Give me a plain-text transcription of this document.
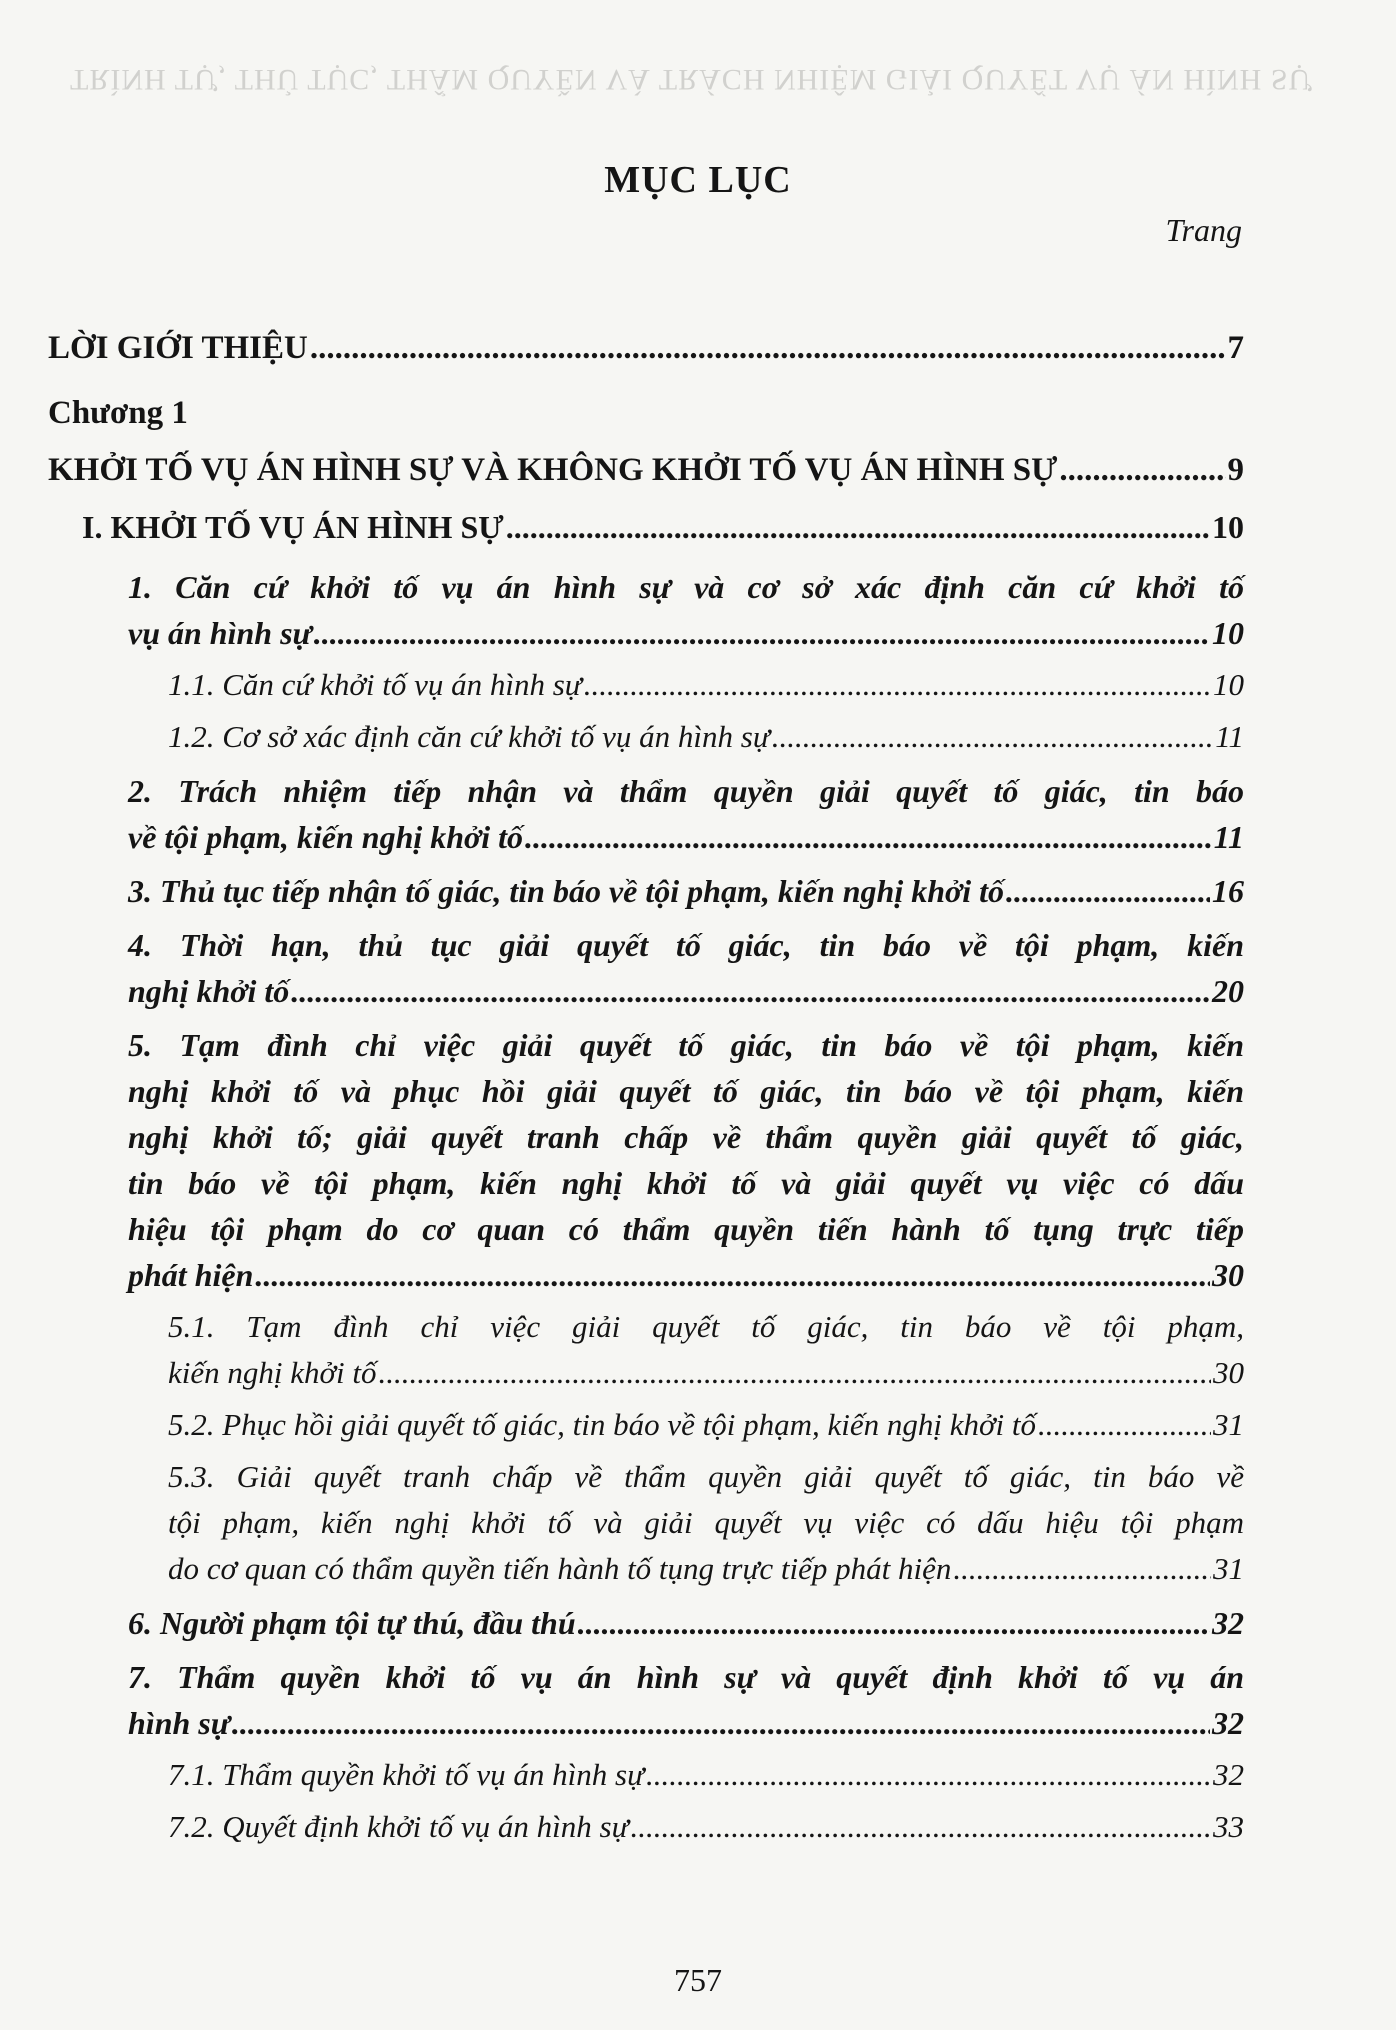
TRÌNH TỰ, THỦ TỤC, THẨM QUYỀN VÀ TRÁCH NHIỆM GIẢI QUYẾT VỤ ÁN HÌNH SỰ
MỤC LỤC
Trang
LỜI GIỚI THIỆU .....	7
Chương 1
KHỞI TỐ VỤ ÁN HÌNH SỰ VÀ KHÔNG KHỞI TỐ VỤ ÁN HÌNH SỰ .....	9
I. KHỞI TỐ VỤ ÁN HÌNH SỰ .....	10
1. Căn cứ khởi tố vụ án hình sự và cơ sở xác định căn cứ khởi tố
vụ án hình sự .....	10
1.1. Căn cứ khởi tố vụ án hình sự .....	10
1.2. Cơ sở xác định căn cứ khởi tố vụ án hình sự .....	11
2. Trách nhiệm tiếp nhận và thẩm quyền giải quyết tố giác, tin báo
về tội phạm, kiến nghị khởi tố .....	11
3. Thủ tục tiếp nhận tố giác, tin báo về tội phạm, kiến nghị khởi tố .....	16
4. Thời hạn, thủ tục giải quyết tố giác, tin báo về tội phạm, kiến
nghị khởi tố .....	20
5. Tạm đình chỉ việc giải quyết tố giác, tin báo về tội phạm, kiến
nghị khởi tố và phục hồi giải quyết tố giác, tin báo về tội phạm, kiến
nghị khởi tố; giải quyết tranh chấp về thẩm quyền giải quyết tố giác,
tin báo về tội phạm, kiến nghị khởi tố và giải quyết vụ việc có dấu
hiệu tội phạm do cơ quan có thẩm quyền tiến hành tố tụng trực tiếp
phát hiện .....	30
5.1. Tạm đình chỉ việc giải quyết tố giác, tin báo về tội phạm,
kiến nghị khởi tố .....	30
5.2. Phục hồi giải quyết tố giác, tin báo về tội phạm, kiến nghị khởi tố .....	31
5.3. Giải quyết tranh chấp về thẩm quyền giải quyết tố giác, tin báo về
tội phạm, kiến nghị khởi tố và giải quyết vụ việc có dấu hiệu tội phạm
do cơ quan có thẩm quyền tiến hành tố tụng trực tiếp phát hiện .....	31
6. Người phạm tội tự thú, đầu thú .....	32
7. Thẩm quyền khởi tố vụ án hình sự và quyết định khởi tố vụ án
hình sự .....	32
7.1. Thẩm quyền khởi tố vụ án hình sự .....	32
7.2. Quyết định khởi tố vụ án hình sự .....	33
757
